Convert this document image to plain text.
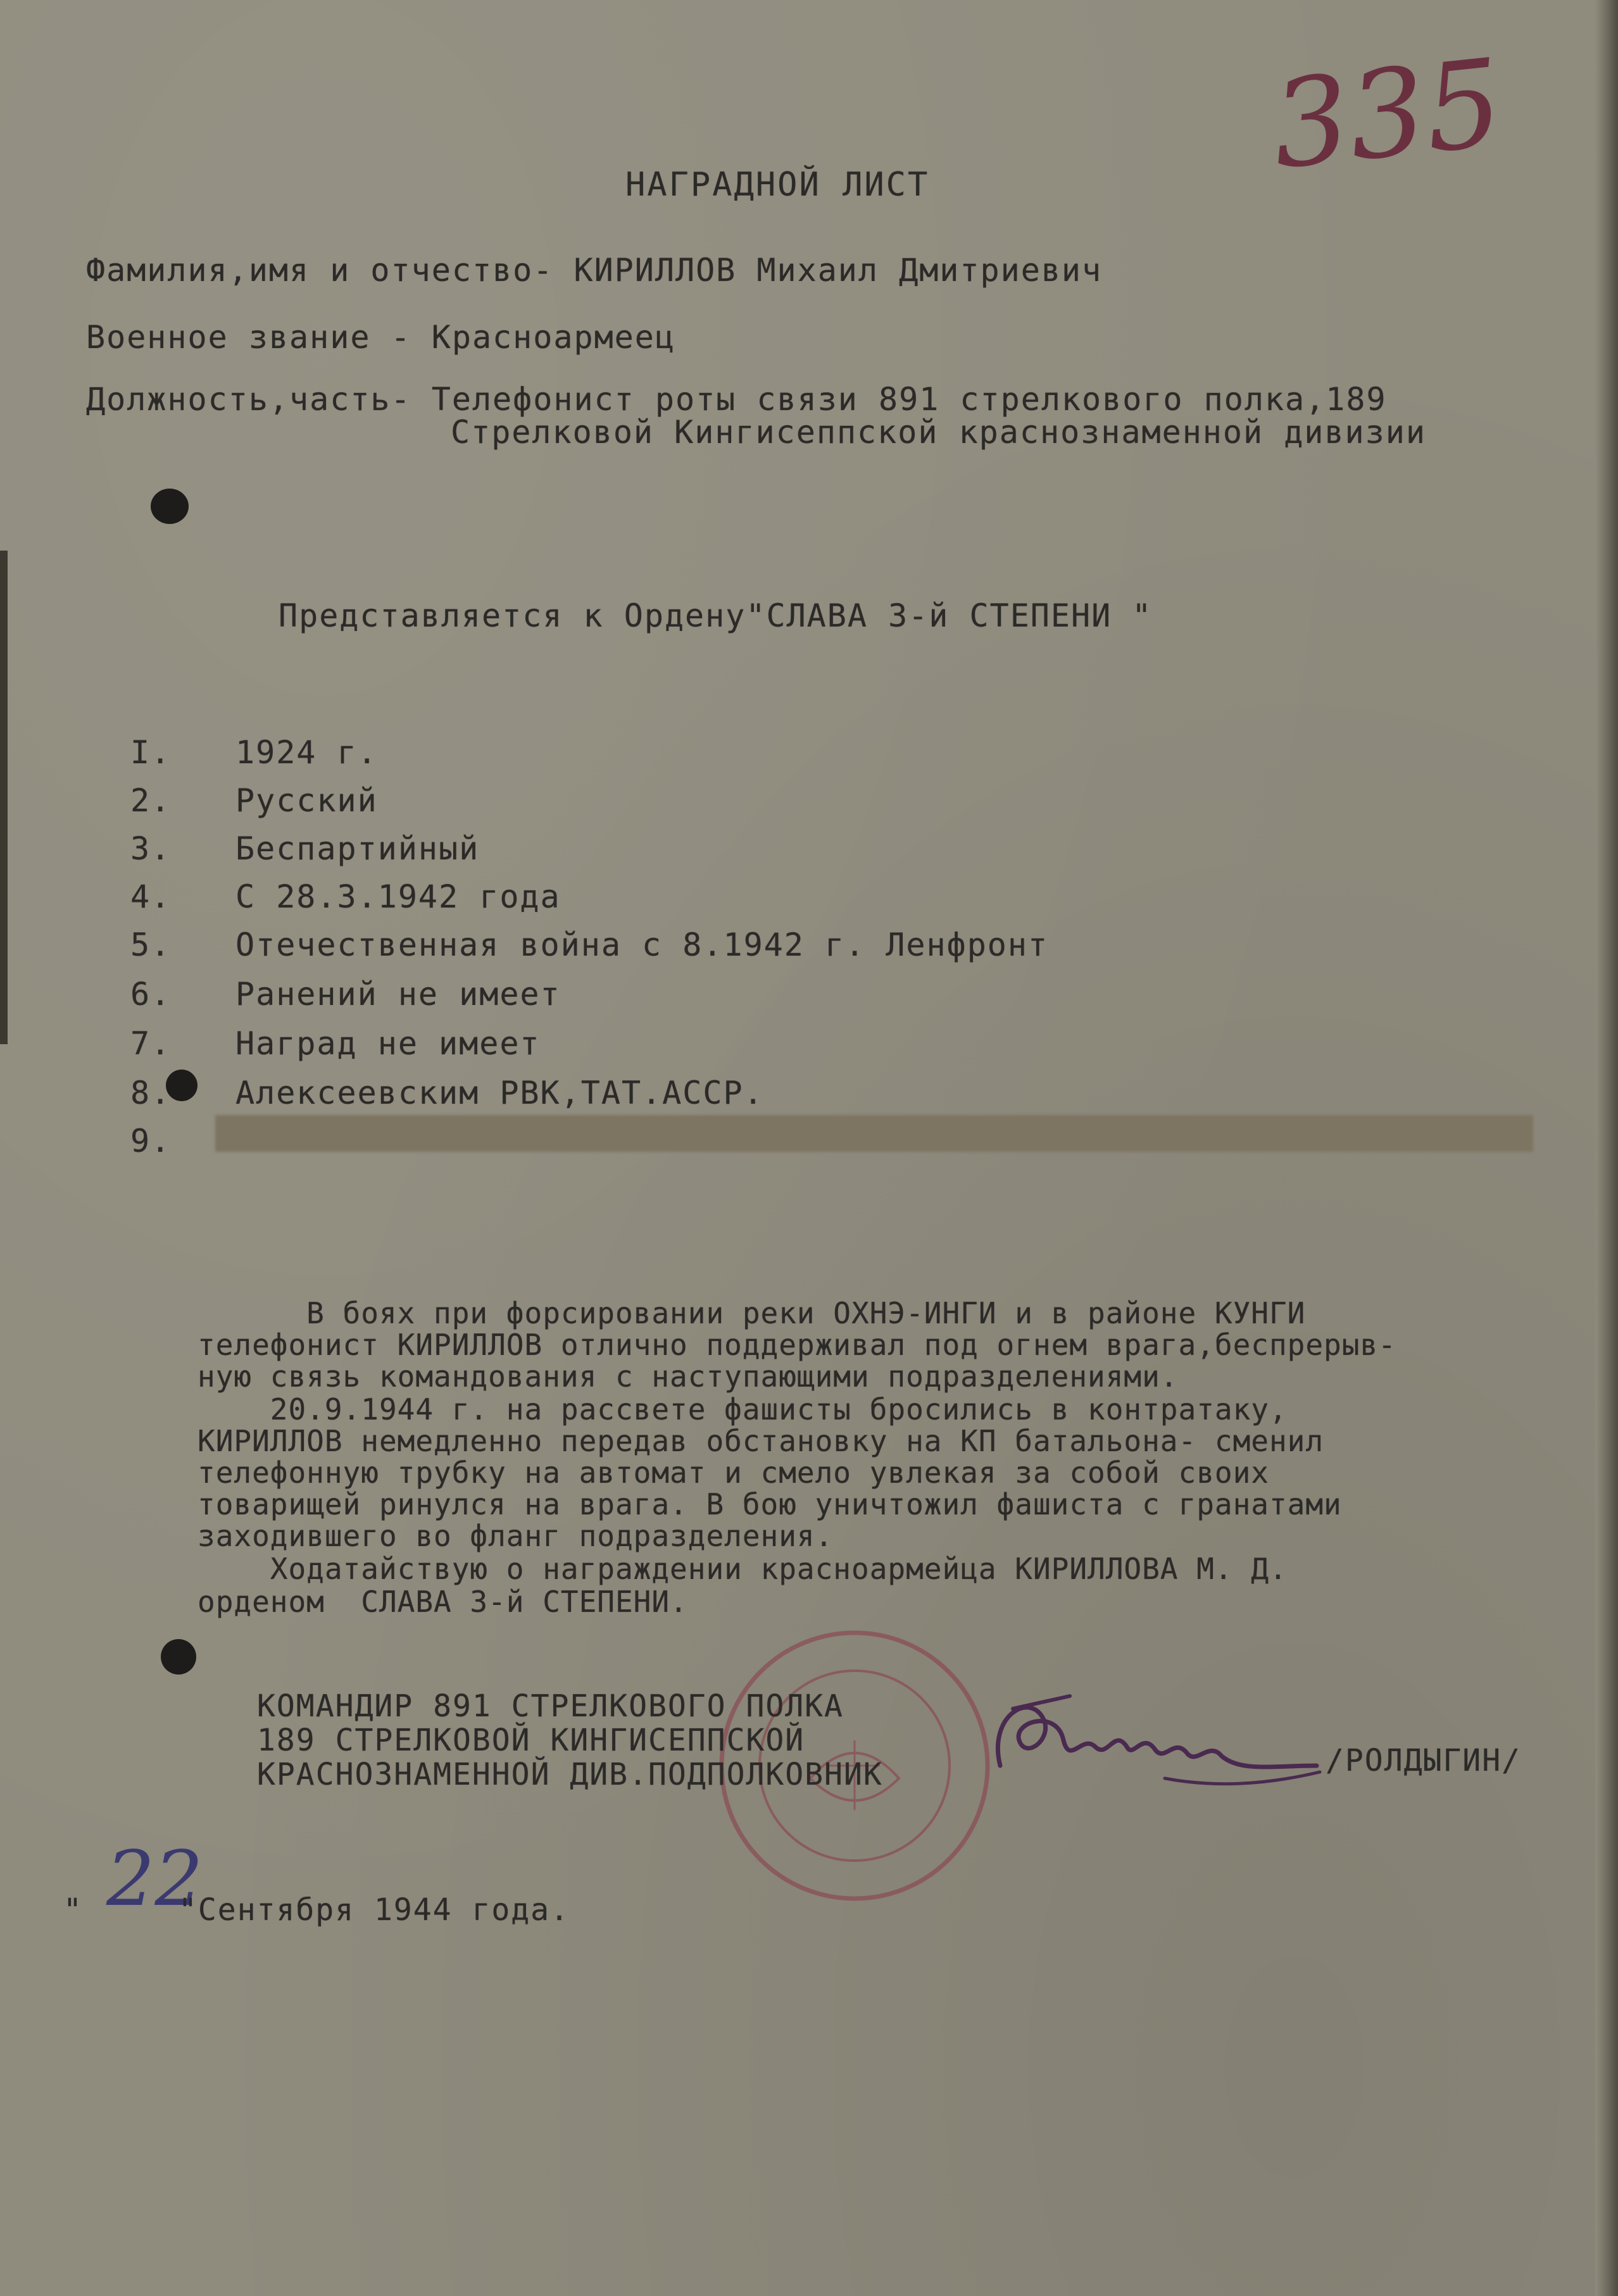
335
НАГРАДНОЙ ЛИСТ
Фамилия,имя и отчество- КИРИЛЛОВ Михаил Дмитриевич
Военное звание - Красноармеец
Должность,часть- Телефонист роты связи 891 стрелкового полка,189
Стрелковой Кингисеппской краснознаменной дивизии
Представляется к Ордену"СЛАВА 3-й СТЕПЕНИ "
I. 1924 г.
2. Русский
3. Беспартийный
4. С 28.3.1942 года
5. Отечественная война с 8.1942 г. Ленфронт
6. Ранений не имеет
7. Наград не имеет
8. Алексеевским РВК,ТАТ.АССР.
9.
В боях при форсировании реки ОХНЭ-ИНГИ и в районе КУНГИ
телефонист КИРИЛЛОВ отлично поддерживал под огнем врага,беспрерыв-
ную связь командования с наступающими подразделениями.
20.9.1944 г. на рассвете фашисты бросились в контратаку,
КИРИЛЛОВ немедленно передав обстановку на КП батальона- сменил
телефонную трубку на автомат и смело увлекая за собой своих
товарищей ринулся на врага. В бою уничтожил фашиста с гранатами
заходившего во фланг подразделения.
Ходатайствую о награждении красноармейца КИРИЛЛОВА М. Д.
орденом  СЛАВА 3-й СТЕПЕНИ.
КОМАНДИР 891 СТРЕЛКОВОГО ПОЛКА
189 СТРЕЛКОВОЙ КИНГИСЕППСКОЙ
КРАСНОЗНАМЕННОЙ ДИВ.ПОДПОЛКОВНИК	/РОЛДЫГИН/
" 22
"Сентября 1944 года.
